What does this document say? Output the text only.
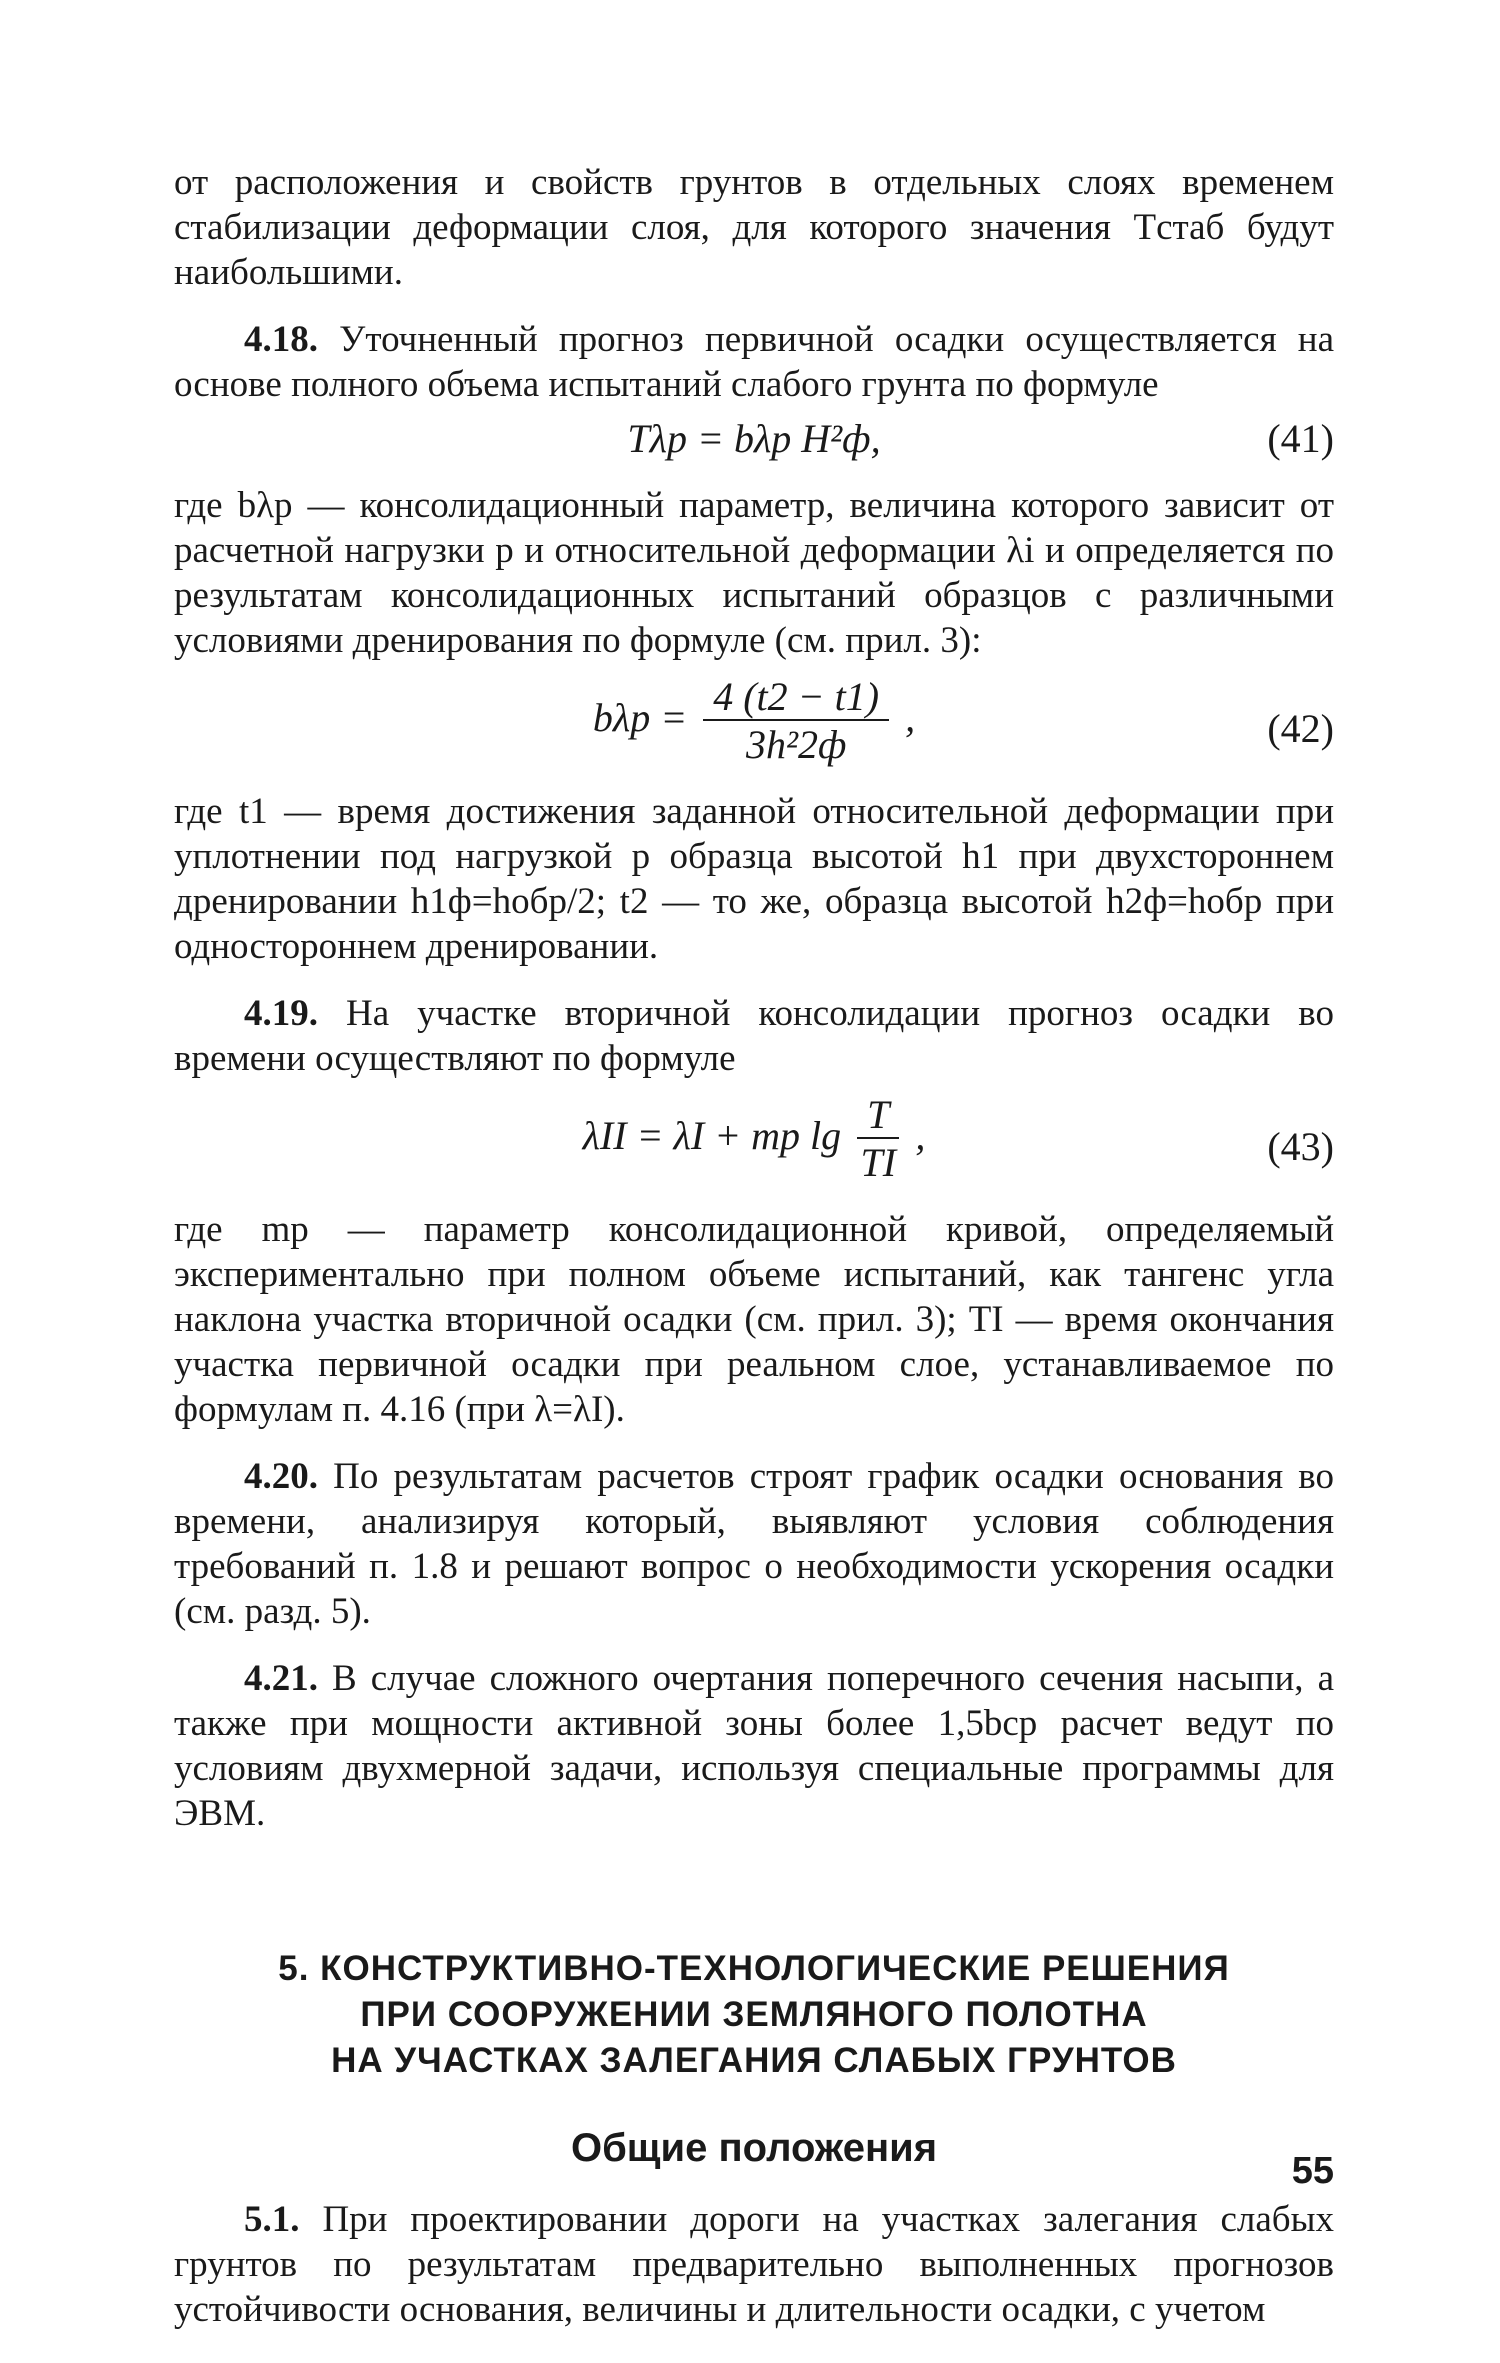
от расположения и свойств грунтов в отдельных слоях временем стабилизации деформации слоя, для которого значения Tстаб будут наибольшими.

4.18. Уточненный прогноз первичной осадки осуществляется на основе полного объема испытаний слабого грунта по формуле

Tλp = bλp H²ф,	(41)

где bλp — консолидационный параметр, величина которого зависит от расчетной нагрузки p и относительной деформации λi и определяется по результатам консолидационных испытаний образцов с различными условиями дренирования по формуле (см. прил. 3):

$b\lambda p = \frac{4 (t2 - t1)}{\text{3h²2ф}}$ ,	(42)

где t1 — время достижения заданной относительной деформации при уплотнении под нагрузкой p образца высотой h1 при двухстороннем дренировании h1ф=hобр/2; t2 — то же, образца высотой h2ф=hобр при одностороннем дренировании.

4.19. На участке вторичной консолидации прогноз осадки во времени осуществляют по формуле

λII = λI + mp $\lg \frac{T}{TI}$ ,	(43)

где mp — параметр консолидационной кривой, определяемый экспериментально при полном объеме испытаний, как тангенс угла наклона участка вторичной осадки (см. прил. 3); TI — время окончания участка первичной осадки при реальном слое, устанавливаемое по формулам п. 4.16 (при λ=λI).

4.20. По результатам расчетов строят график осадки основания во времени, анализируя который, выявляют условия соблюдения требований п. 1.8 и решают вопрос о необходимости ускорения осадки (см. разд. 5).

4.21. В случае сложного очертания поперечного сечения насыпи, а также при мощности активной зоны более 1,5bср расчет ведут по условиям двухмерной задачи, используя специальные программы для ЭВМ.

5. КОНСТРУКТИВНО-ТЕХНОЛОГИЧЕСКИЕ РЕШЕНИЯ
ПРИ СООРУЖЕНИИ ЗЕМЛЯНОГО ПОЛОТНА
НА УЧАСТКАХ ЗАЛЕГАНИЯ СЛАБЫХ ГРУНТОВ
Общие положения

5.1. При проектировании дороги на участках залегания слабых грунтов по результатам предварительно выполненных прогнозов устойчивости основания, величины и длительности осадки, с учетом

55
